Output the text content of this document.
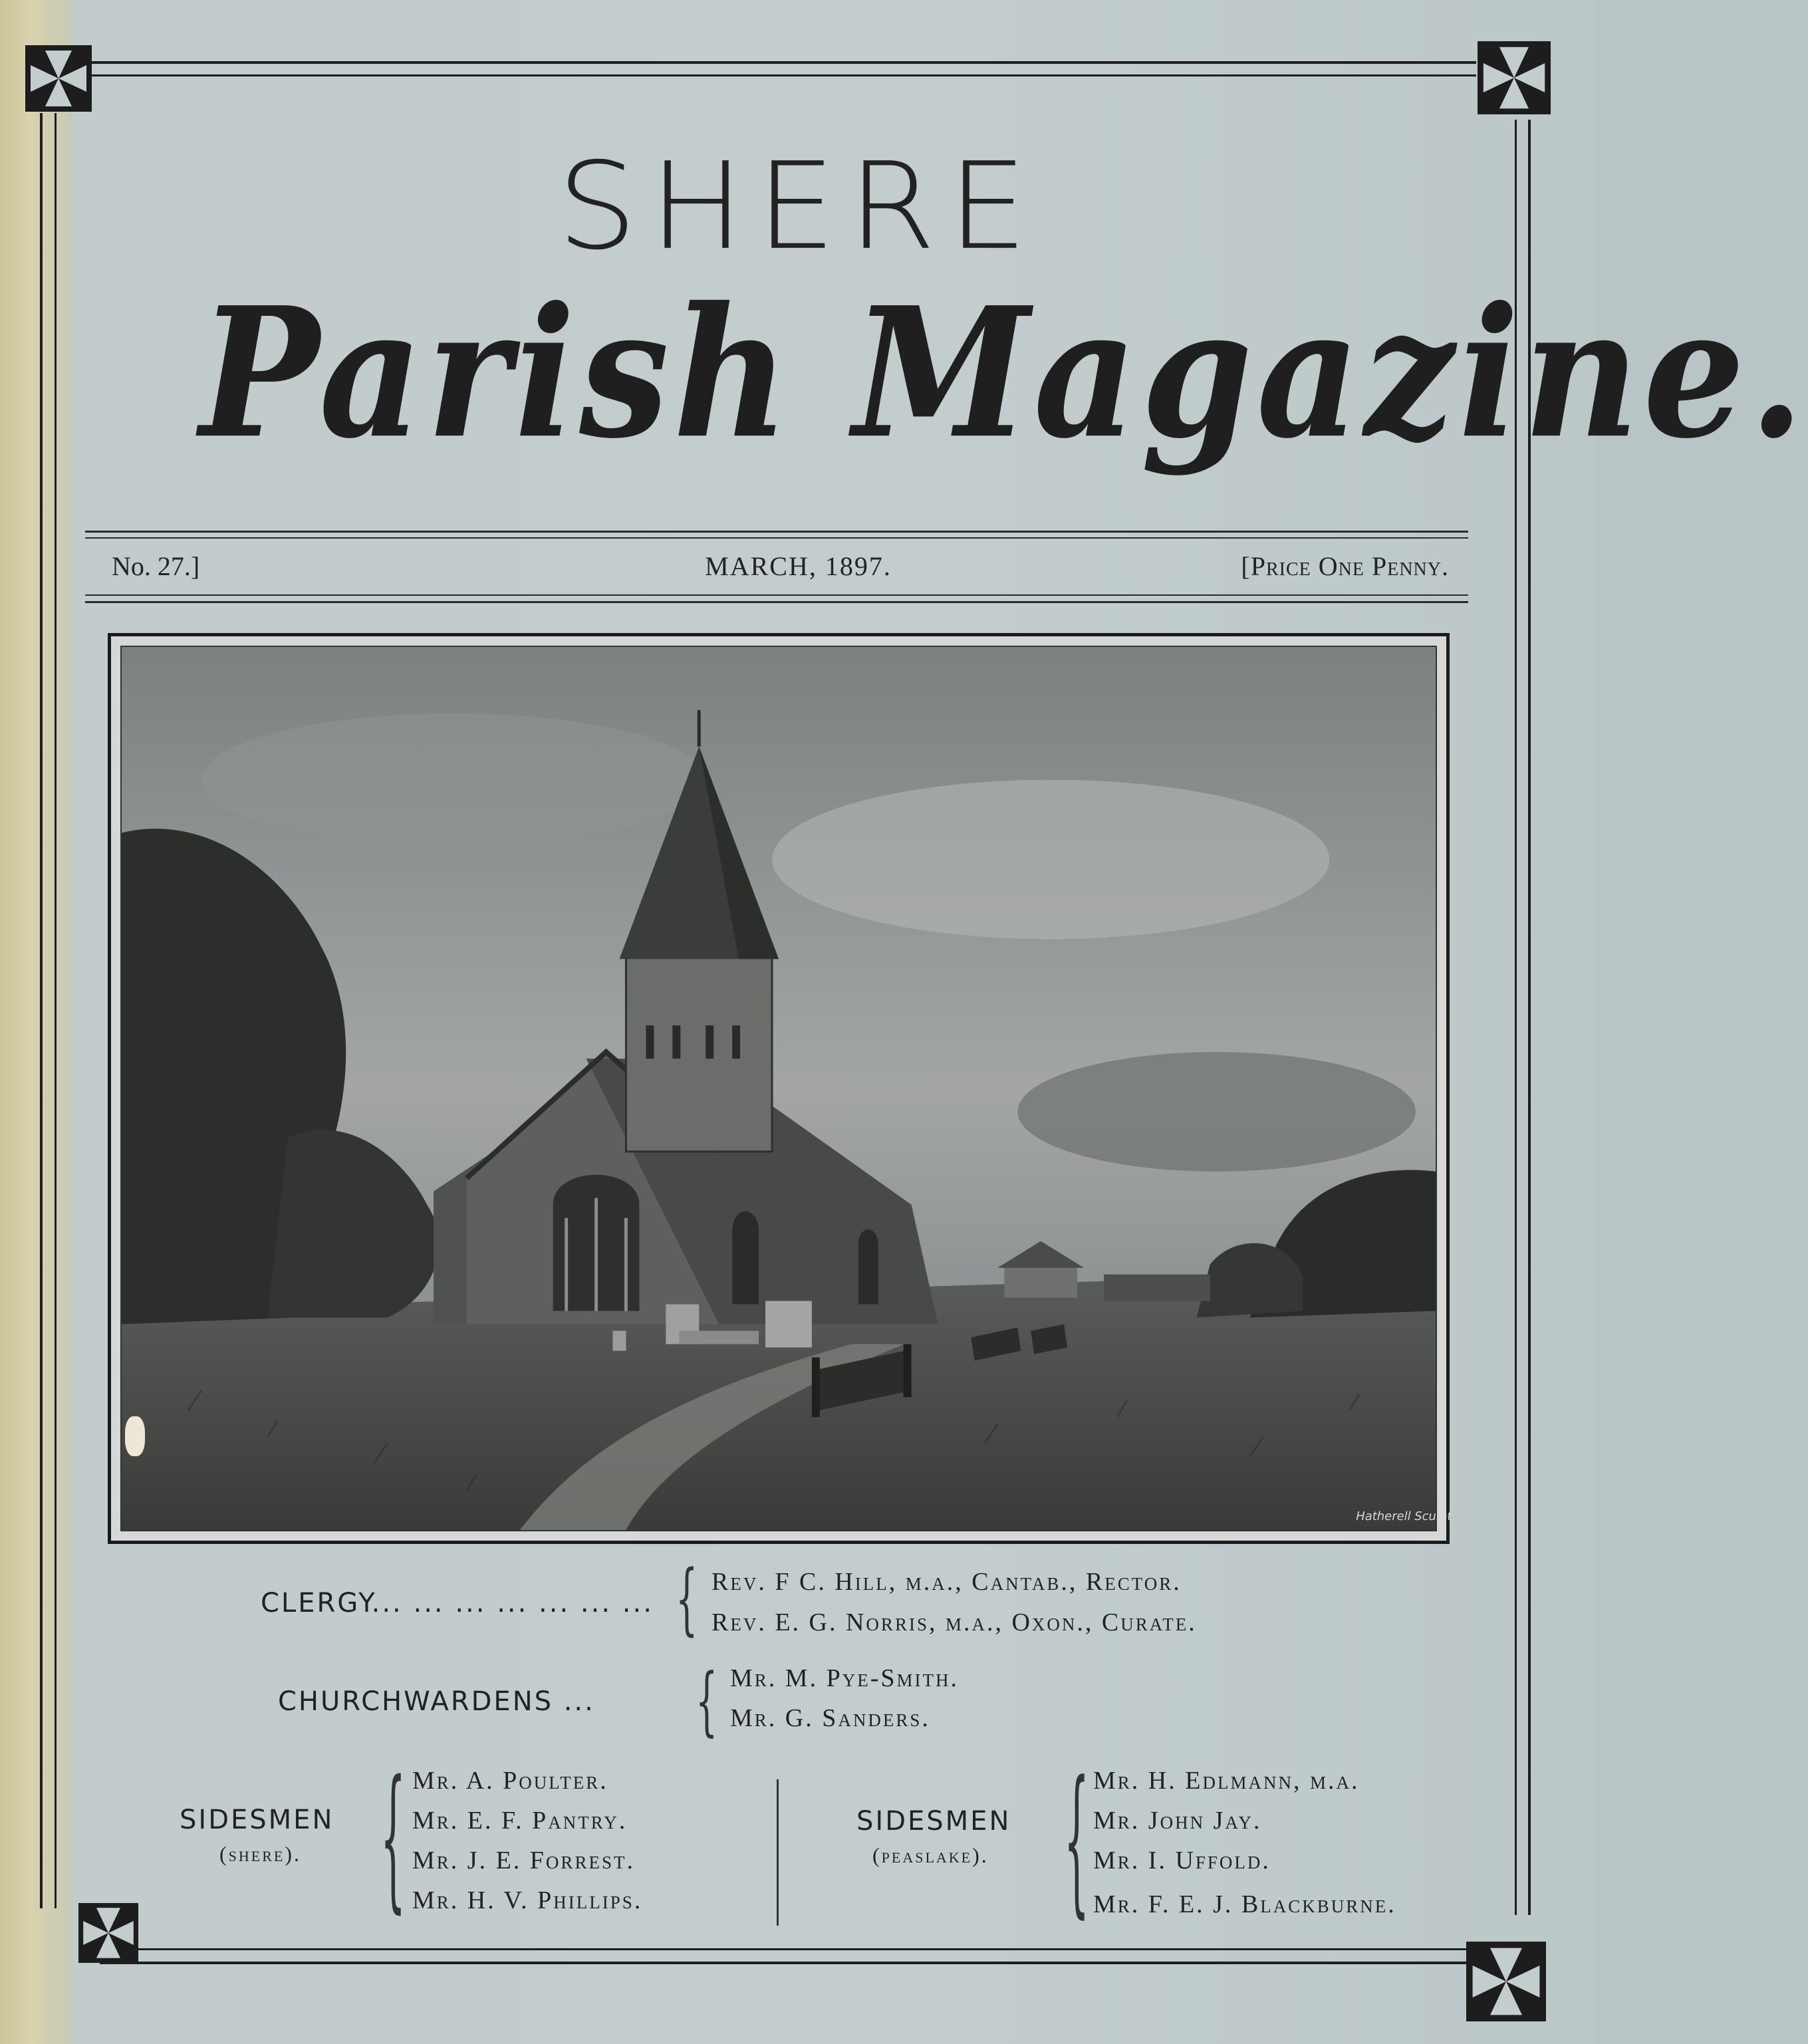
SHERE
Parish Magazine.
No. 27.]	MARCH, 1897.	[Price One Penny.
Hatherell Sculpt
CLERGY... ... ... ... ... ... ... { Rev. F C. Hill, m.a., Cantab., Rector.
Rev. E. G. Norris, m.a., Oxon., Curate.
CHURCHWARDENS ... { Mr. M. Pye-Smith.
Mr. G. Sanders.
SIDESMEN
(shere). { Mr. A. Poulter.
Mr. E. F. Pantry.
Mr. J. E. Forrest.
Mr. H. V. Phillips.
SIDESMEN
(peaslake). { Mr. H. Edlmann, m.a.
Mr. John Jay.
Mr. I. Uffold.
Mr. F. E. J. Blackburne.
